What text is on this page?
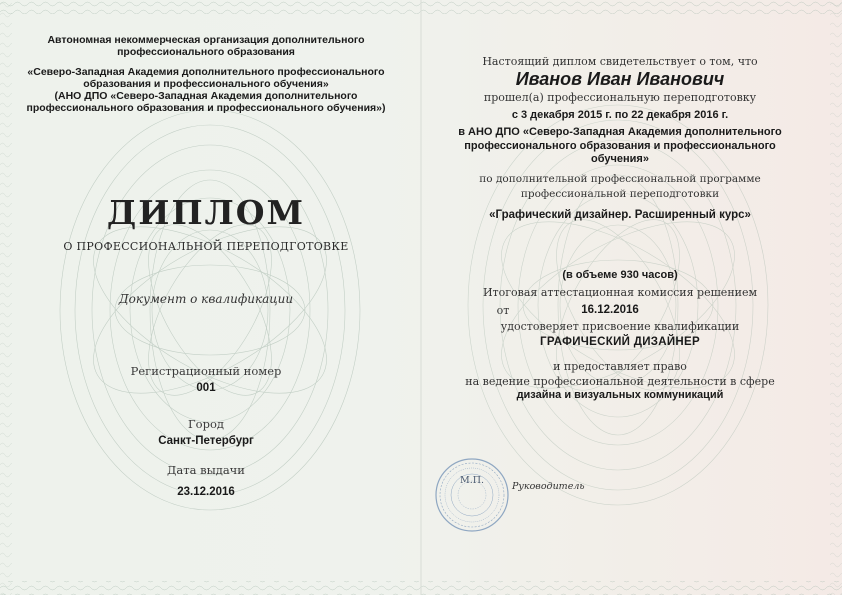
Автономная некоммерческая организация дополнительного
профессионального образования
«Северо-Западная Академия дополнительного профессионального
образования и профессионального обучения»
(АНО ДПО «Северо-Западная Академия дополнительного
профессионального образования и профессионального обучения»)
ДИПЛОМ
О ПРОФЕССИОНАЛЬНОЙ ПЕРЕПОДГОТОВКЕ
Документ о квалификации
Регистрационный номер
001
Город
Санкт-Петербург
Дата выдачи
23.12.2016
Настоящий диплом свидетельствует о том, что
Иванов Иван Иванович
прошел(а) профессиональную переподготовку
с 3 декабря 2015 г. по 22 декабря 2016 г.
в АНО ДПО «Северо-Западная Академия дополнительного
профессионального образования и профессионального
обучения»
по дополнительной профессиональной программе
профессиональной переподготовки
«Графический дизайнер. Расширенный курс»
(в объеме 930 часов)
Итоговая аттестационная комиссия решением
от	16.12.2016
удостоверяет присвоение квалификации
ГРАФИЧЕСКИЙ ДИЗАЙНЕР
и предоставляет право
на ведение профессиональной деятельности в сфере
дизайна и визуальных коммуникаций
М.П.
Руководитель
